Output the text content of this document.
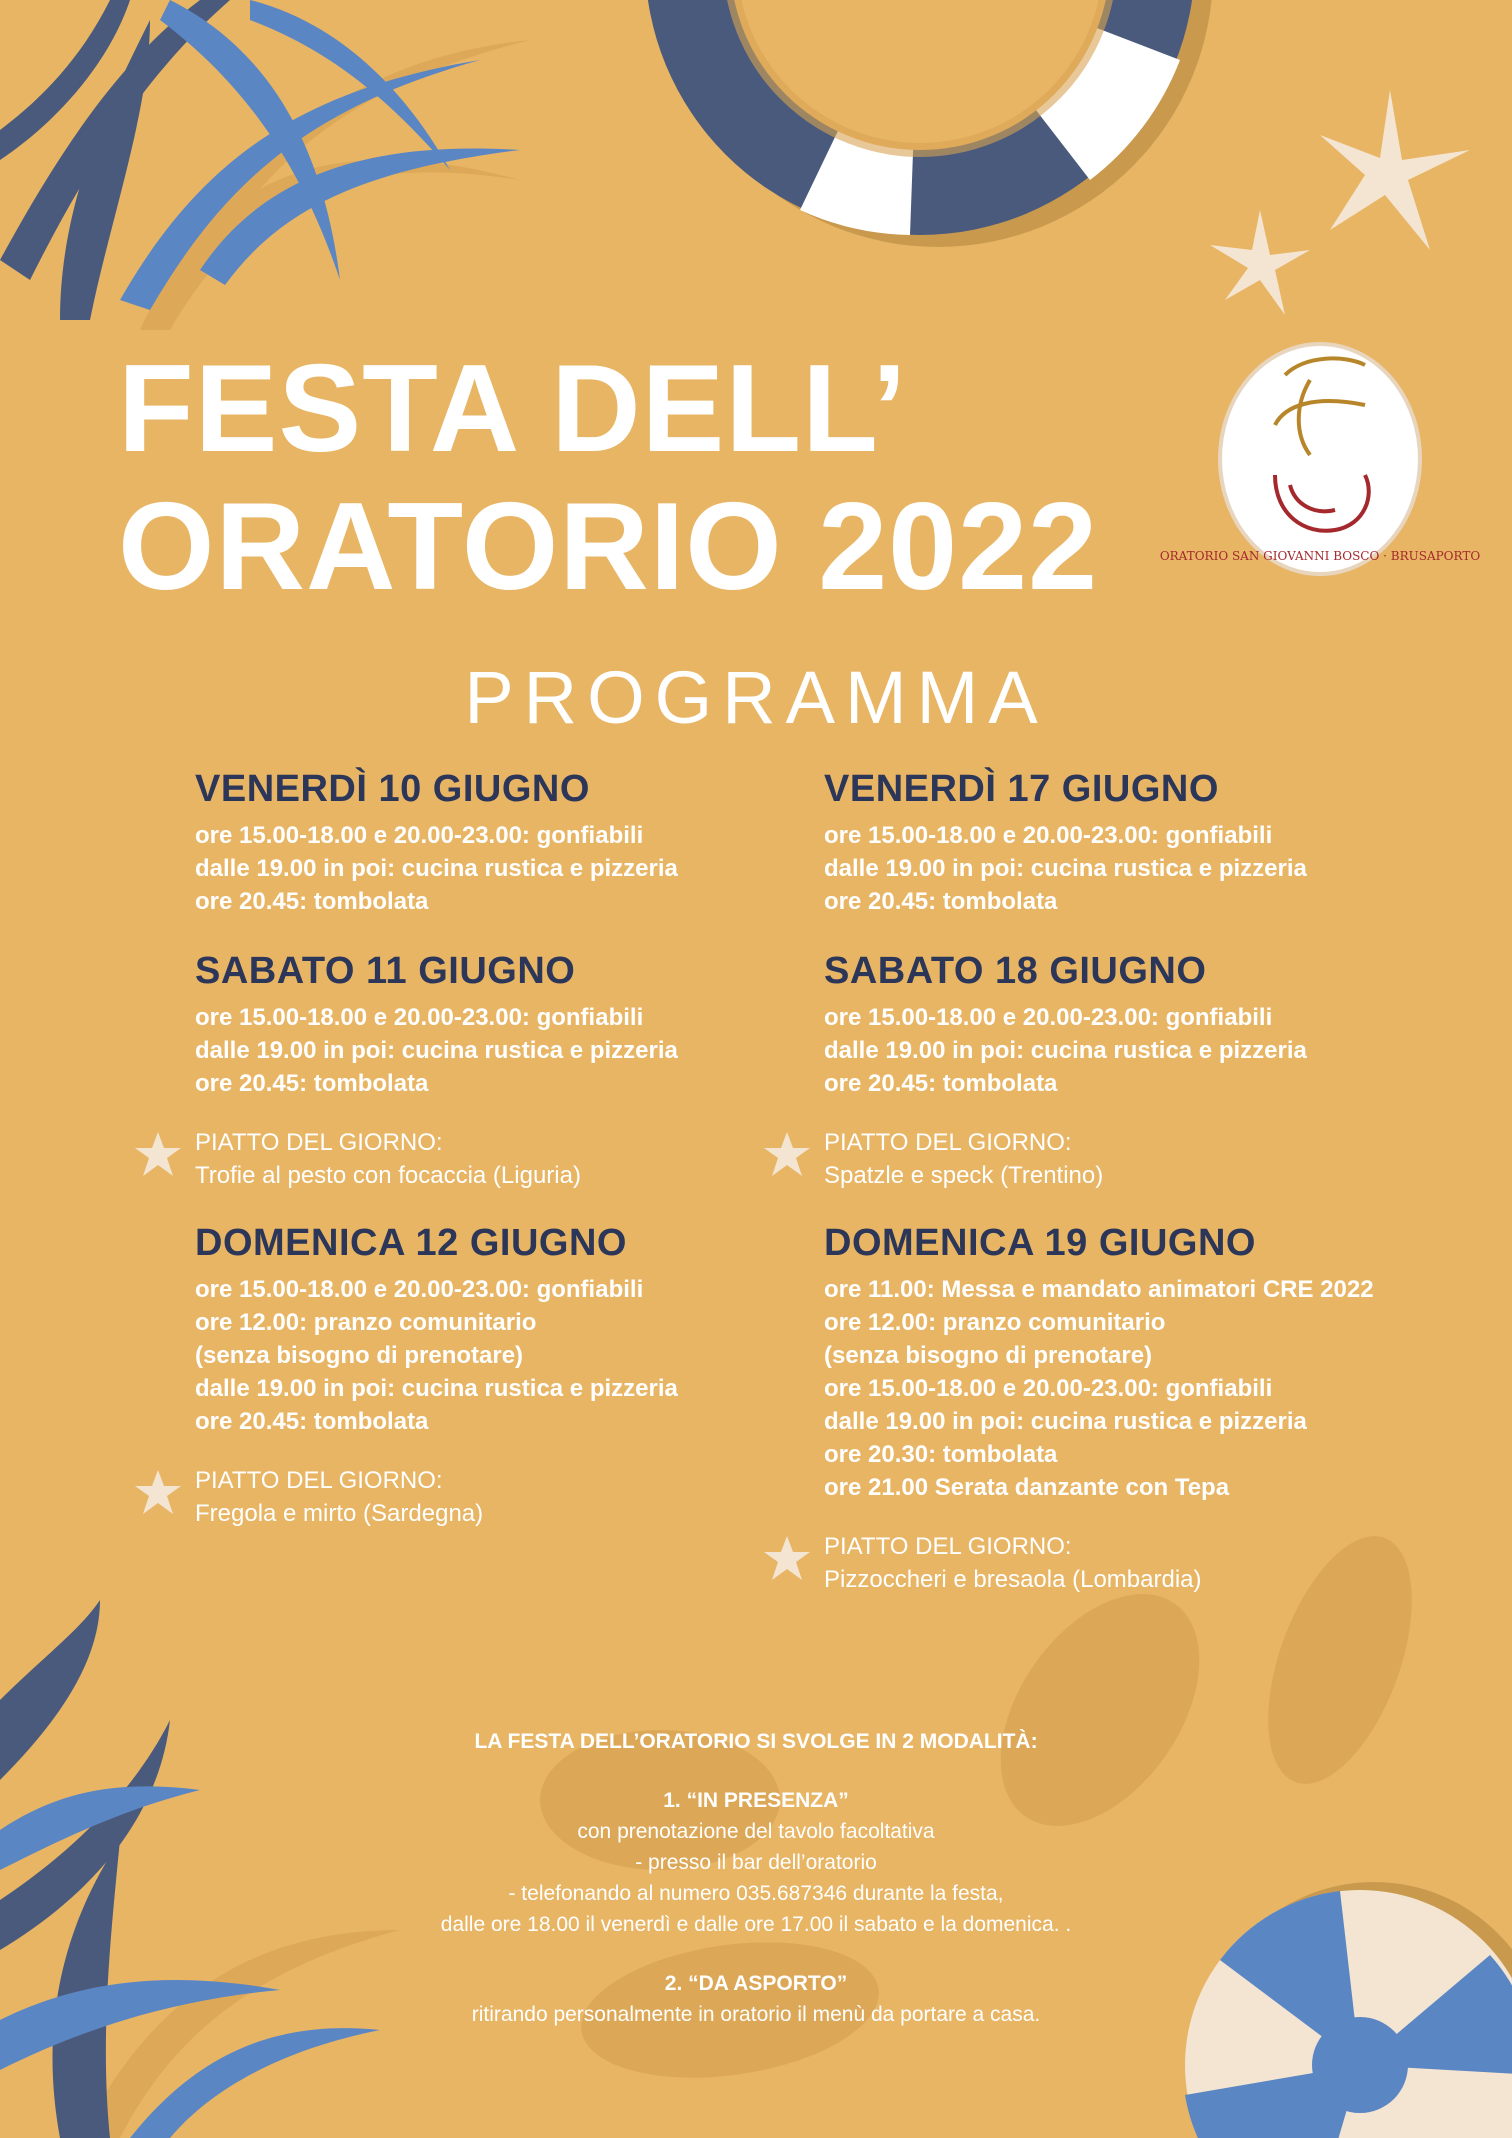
ORATORIO SAN GIOVANNI BOSCO · BRUSAPORTO
FESTA DELL’
ORATORIO 2022
PROGRAMMA
VENERDÌ 10 GIUGNO
ore 15.00-18.00 e 20.00-23.00: gonfiabili
dalle 19.00 in poi: cucina rustica e pizzeria
ore 20.45: tombolata
SABATO 11 GIUGNO
ore 15.00-18.00 e 20.00-23.00: gonfiabili
dalle 19.00 in poi: cucina rustica e pizzeria
ore 20.45: tombolata
PIATTO DEL GIORNO:
Trofie al pesto con focaccia (Liguria)
DOMENICA 12 GIUGNO
ore 15.00-18.00 e 20.00-23.00: gonfiabili
ore 12.00: pranzo comunitario
(senza bisogno di prenotare)
dalle 19.00 in poi: cucina rustica e pizzeria
ore 20.45: tombolata
PIATTO DEL GIORNO:
Fregola e mirto (Sardegna)
VENERDÌ 17 GIUGNO
ore 15.00-18.00 e 20.00-23.00: gonfiabili
dalle 19.00 in poi: cucina rustica e pizzeria
ore 20.45: tombolata
SABATO 18 GIUGNO
ore 15.00-18.00 e 20.00-23.00: gonfiabili
dalle 19.00 in poi: cucina rustica e pizzeria
ore 20.45: tombolata
PIATTO DEL GIORNO:
Spatzle e speck (Trentino)
DOMENICA 19 GIUGNO
ore 11.00: Messa e mandato animatori CRE 2022
ore 12.00: pranzo comunitario
(senza bisogno di prenotare)
ore 15.00-18.00 e 20.00-23.00: gonfiabili
dalle 19.00 in poi: cucina rustica e pizzeria
ore 20.30: tombolata
ore 21.00 Serata danzante con Tepa
PIATTO DEL GIORNO:
Pizzoccheri e bresaola (Lombardia)
LA FESTA DELL’ORATORIO SI SVOLGE IN 2 MODALITÀ:
1. “IN PRESENZA”
con prenotazione del tavolo facoltativa
- presso il bar dell’oratorio
- telefonando al numero 035.687346 durante la festa,
dalle ore 18.00 il venerdì e dalle ore 17.00 il sabato e la domenica. .
2. “DA ASPORTO”
ritirando personalmente in oratorio il menù da portare a casa.
